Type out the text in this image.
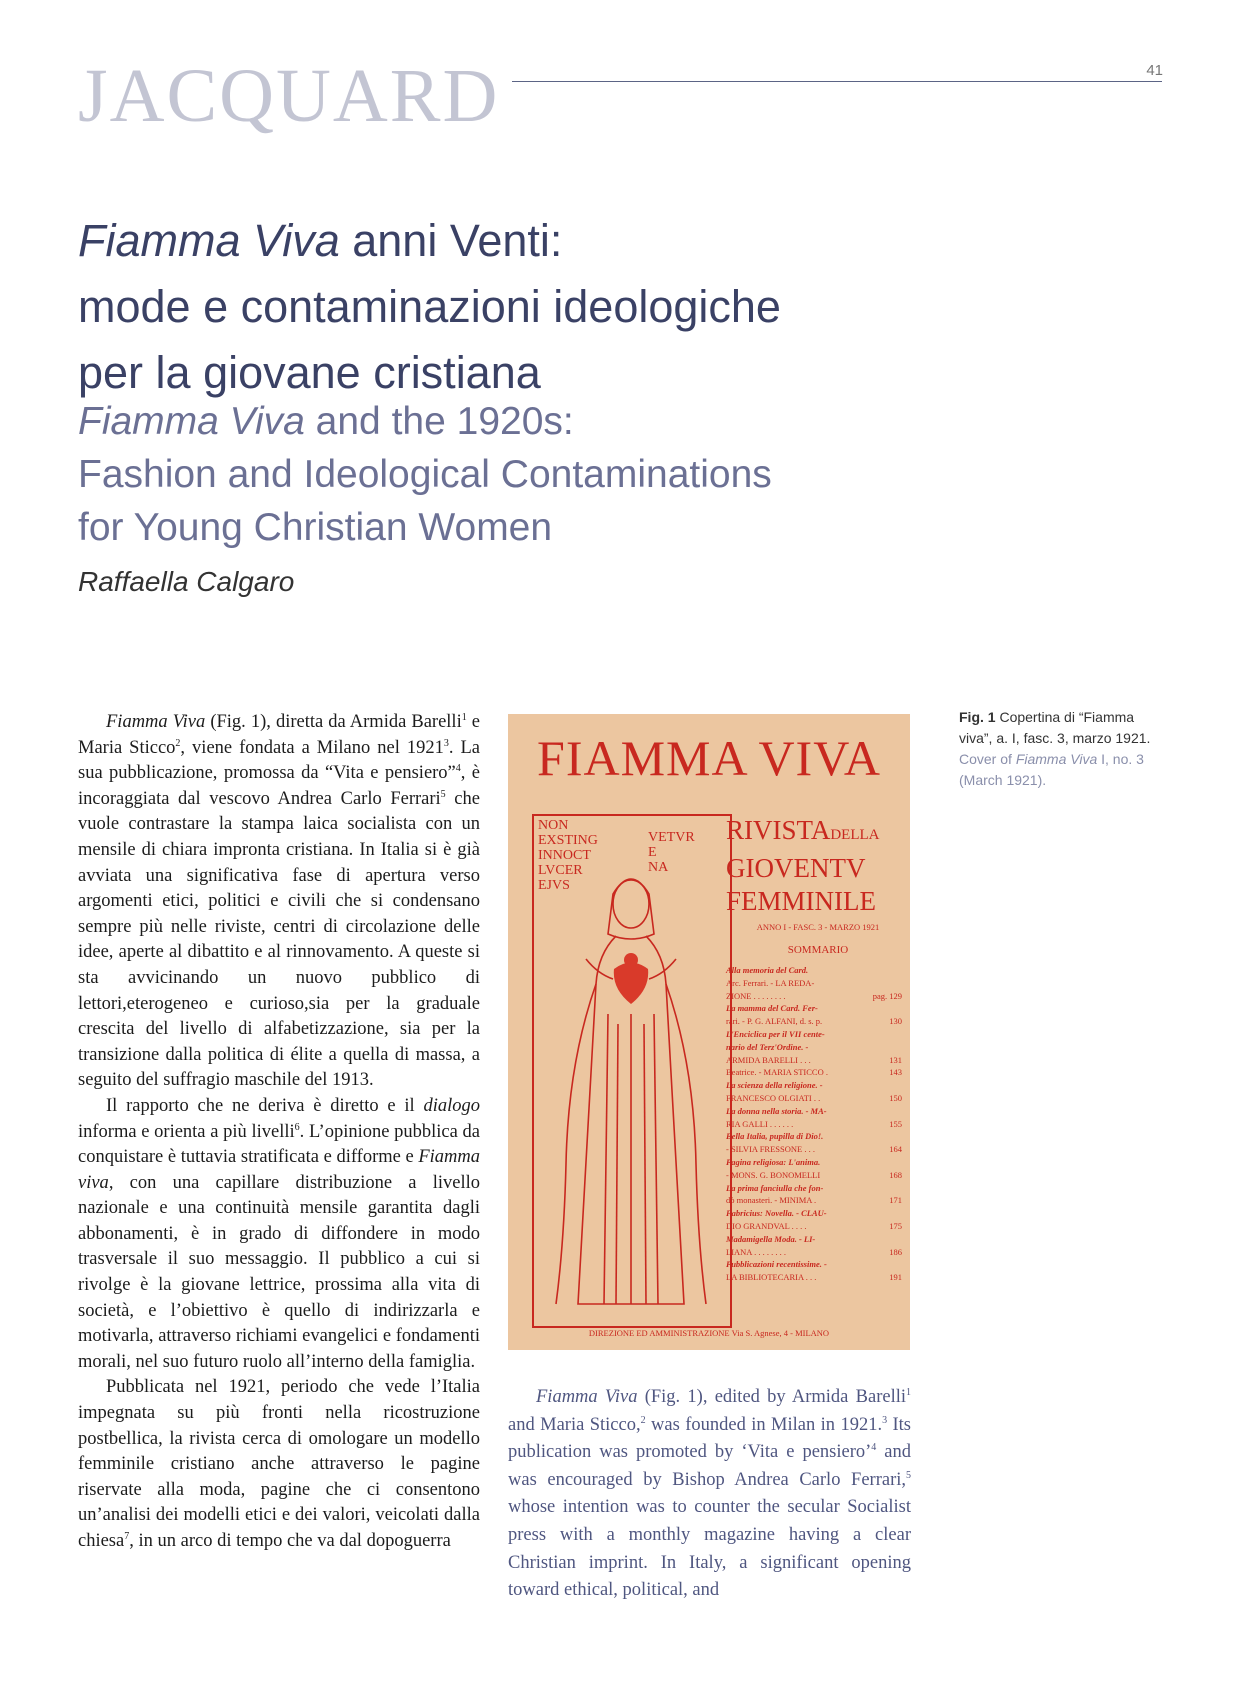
JACQUARD	41
Fiamma Viva anni Venti:
mode e contaminazioni ideologiche
per la giovane cristiana
Fiamma Viva and the 1920s:
Fashion and Ideological Contaminations
for Young Christian Women
Raffaella Calgaro

Fiamma Viva (Fig. 1), diretta da Armida Barelli$^1$ e Maria Sticco$^2$, viene fondata a Milano nel 1921$^3$. La sua pubblicazione, promossa da “Vita e pensiero”$^4$, è incoraggiata dal vescovo Andrea Carlo Ferrari$^5$ che vuole contrastare la stampa laica socialista con un mensile di chiara impronta cristiana. In Italia si è già avviata una significativa fase di apertura verso argomenti etici, politici e civili che si condensano sempre più nelle riviste, centri di circolazione delle idee, aperte al dibattito e al rinnovamento. A queste si sta avvicinando un nuovo pubblico di lettori,eterogeneo e curioso,sia per la graduale crescita del livello di alfabetizzazione, sia per la transizione dalla politica di élite a quella di massa, a seguito del suffragio maschile del 1913.

Il rapporto che ne deriva è diretto e il dialogo informa e orienta a più livelli$^6$. L’opinione pubblica da conquistare è tuttavia stratificata e difforme e Fiamma viva, con una capillare distribuzione a livello nazionale e una continuità mensile garantita dagli abbonamenti, è in grado di diffondere in modo trasversale il suo messaggio. Il pubblico a cui si rivolge è la giovane lettrice, prossima alla vita di società, e l’obiettivo è quello di indirizzarla e motivarla, attraverso richiami evangelici e fondamenti morali, nel suo futuro ruolo all’interno della famiglia.

Pubblicata nel 1921, periodo che vede l’Italia impegnata su più fronti nella ricostruzione postbellica, la rivista cerca di omologare un modello femminile cristiano anche attraverso le pagine riservate alla moda, pagine che ci consentono un’analisi dei modelli etici e dei valori, veicolati dalla chiesa$^7$, in un arco di tempo che va dal dopoguerra

FIAMMA VIVA
NON
EXSTING
INNOCT
LVCER
EJVS
VETVR
E
NA
RIVISTADELLA
GIOVENTV
FEMMINILE
ANNO I - FASC. 3 - MARZO 1921
SOMMARIO
Alla memoria del Card.
Arc. Ferrari. - LA REDA-
ZIONE . . . . . . . .	pag. 129
La mamma del Card. Fer-
rari. - P. G. ALFANI, d. s. p.	130
L'Enciclica per il VII cente-
nario del Terz'Ordine. -
ARMIDA BARELLI . . .	131
Beatrice. - MARIA STICCO .	143
La scienza della religione. -
FRANCESCO OLGIATI . .	150
La donna nella storia. - MA-
RIA GALLI . . . . . .	155
Bella Italia, pupilla di Dio!.
- SILVIA FRESSONE . . .	164
Pagina religiosa: L'anima.
- MONS. G. BONOMELLI	168
La prima fanciulla che fon-
dò monasteri. - MINIMA .	171
Fabricius: Novella. - CLAU-
DIO GRANDVAL . . . .	175
Madamigella Moda. - LI-
LIANA . . . . . . . .	186
Pubblicazioni recentissime. -
LA BIBLIOTECARIA . . .	191
DIREZIONE ED AMMINISTRAZIONE Via S. Agnese, 4 - MILANO
Fig. 1 Copertina di “Fiamma viva”, a. I, fasc. 3, marzo 1921. Cover of Fiamma Viva I, no. 3 (March 1921).

Fiamma Viva (Fig. 1), edited by Armida Barelli$^1$ and Maria Sticco,$^2$ was founded in Milan in 1921.$^3$ Its publication was promoted by ‘Vita e pensiero’$^4$ and was encouraged by Bishop Andrea Carlo Ferrari,$^5$ whose intention was to counter the secular Socialist press with a monthly magazine having a clear Christian imprint. In Italy, a significant opening toward ethical, political, and
